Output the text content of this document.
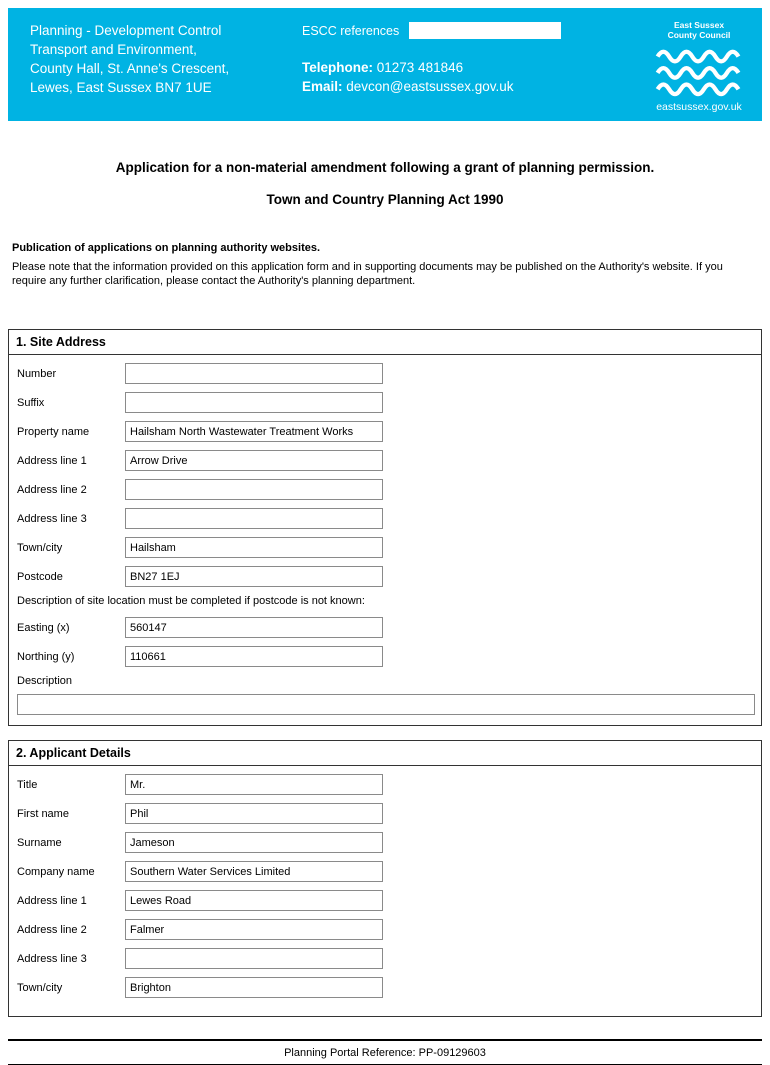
Planning - Development Control
Transport and Environment,
County Hall, St. Anne's Crescent,
Lewes, East Sussex BN7 1UE
ESCC references
Telephone: 01273 481846
Email: devcon@eastsussex.gov.uk
East Sussex
County Council
eastsussex.gov.uk
Application for a non-material amendment following a grant of planning permission.
Town and Country Planning Act 1990
Publication of applications on planning authority websites.
Please note that the information provided on this application form and in supporting documents may be published on the Authority's website. If you require any further clarification, please contact the Authority's planning department.
1. Site Address
Number
Suffix
Property name
Hailsham North Wastewater Treatment Works
Address line 1
Arrow Drive
Address line 2
Address line 3
Town/city
Hailsham
Postcode
BN27 1EJ
Description of site location must be completed if postcode is not known:
Easting (x)
560147
Northing (y)
110661
Description
2. Applicant Details
Title
Mr.
First name
Phil
Surname
Jameson
Company name
Southern Water Services Limited
Address line 1
Lewes Road
Address line 2
Falmer
Address line 3
Town/city
Brighton
Planning Portal Reference: PP-09129603
